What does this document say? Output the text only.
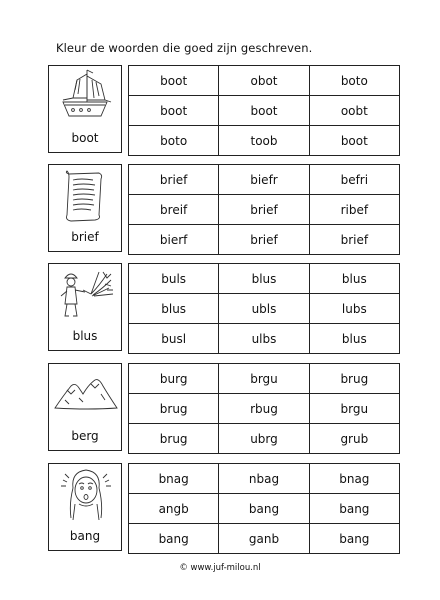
Kleur de woorden die goed zijn geschreven.
boot
boot	obot	boto
boot	boot	oobt
boto	toob	boot
brief
brief	biefr	befri
breif	brief	ribef
bierf	brief	brief
blus
buls	blus	blus
blus	ubls	lubs
busl	ulbs	blus
berg
burg	brgu	brug
brug	rbug	brgu
brug	ubrg	grub
bang
bnag	nbag	bnag
angb	bang	bang
bang	ganb	bang
© www.juf-milou.nl
